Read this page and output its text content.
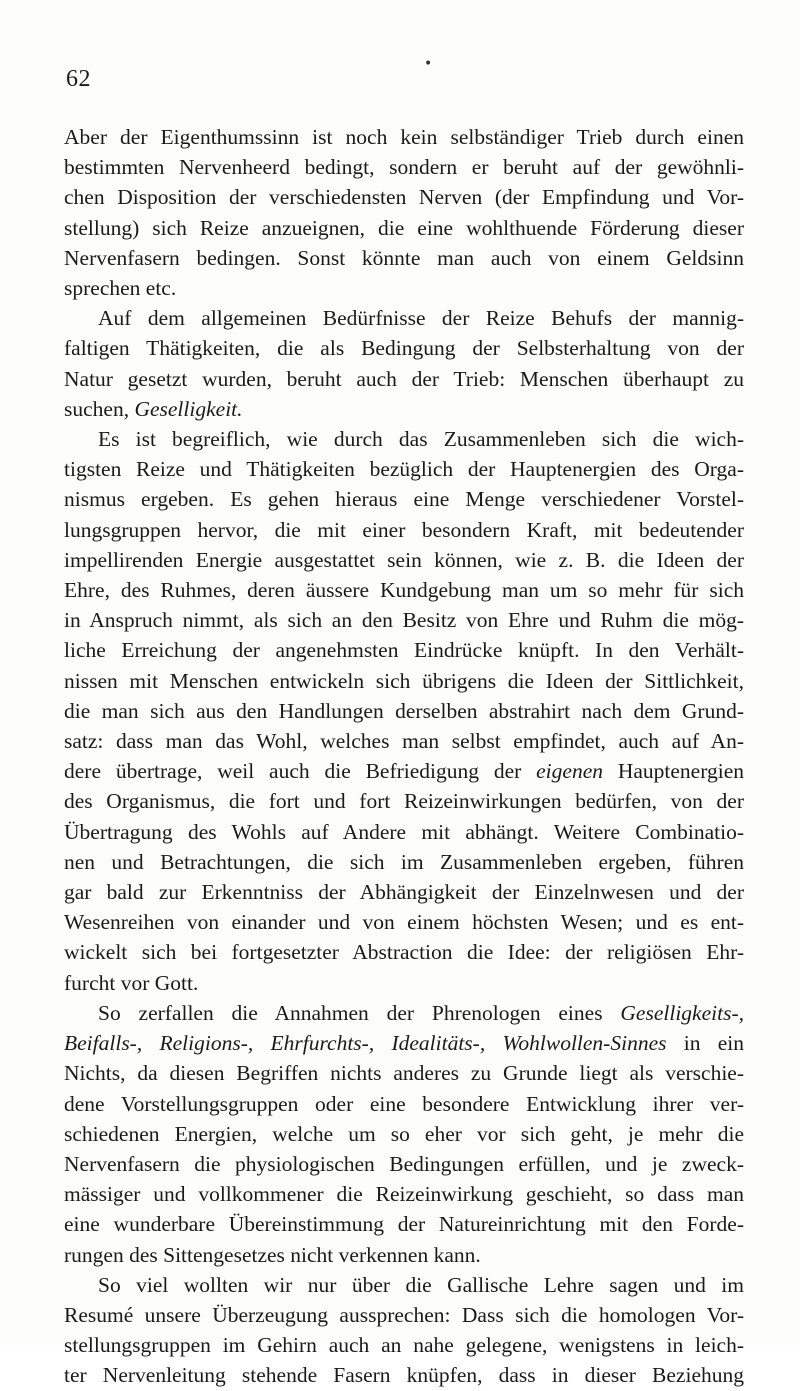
62
•
Aber der Eigenthumssinn ist noch kein selbständiger Trieb durch einen
bestimmten Nervenheerd bedingt, sondern er beruht auf der gewöhnli-
chen Disposition der verschiedensten Nerven (der Empfindung und Vor-
stellung) sich Reize anzueignen, die eine wohlthuende Förderung dieser
Nervenfasern bedingen. Sonst könnte man auch von einem Geldsinn
sprechen etc.
Auf dem allgemeinen Bedürfnisse der Reize Behufs der mannig-
faltigen Thätigkeiten, die als Bedingung der Selbsterhaltung von der
Natur gesetzt wurden, beruht auch der Trieb: Menschen überhaupt zu
suchen, Geselligkeit.
Es ist begreiflich, wie durch das Zusammenleben sich die wich-
tigsten Reize und Thätigkeiten bezüglich der Hauptenergien des Orga-
nismus ergeben. Es gehen hieraus eine Menge verschiedener Vorstel-
lungsgruppen hervor, die mit einer besondern Kraft, mit bedeutender
impellirenden Energie ausgestattet sein können, wie z. B. die Ideen der
Ehre, des Ruhmes, deren äussere Kundgebung man um so mehr für sich
in Anspruch nimmt, als sich an den Besitz von Ehre und Ruhm die mög-
liche Erreichung der angenehmsten Eindrücke knüpft. In den Verhält-
nissen mit Menschen entwickeln sich übrigens die Ideen der Sittlichkeit,
die man sich aus den Handlungen derselben abstrahirt nach dem Grund-
satz: dass man das Wohl, welches man selbst empfindet, auch auf An-
dere übertrage, weil auch die Befriedigung der eigenen Hauptenergien
des Organismus, die fort und fort Reizeinwirkungen bedürfen, von der
Übertragung des Wohls auf Andere mit abhängt. Weitere Combinatio-
nen und Betrachtungen, die sich im Zusammenleben ergeben, führen
gar bald zur Erkenntniss der Abhängigkeit der Einzelnwesen und der
Wesenreihen von einander und von einem höchsten Wesen; und es ent-
wickelt sich bei fortgesetzter Abstraction die Idee: der religiösen Ehr-
furcht vor Gott.
So zerfallen die Annahmen der Phrenologen eines Geselligkeits-,
Beifalls-, Religions-, Ehrfurchts-, Idealitäts-, Wohlwollen-Sinnes in ein
Nichts, da diesen Begriffen nichts anderes zu Grunde liegt als verschie-
dene Vorstellungsgruppen oder eine besondere Entwicklung ihrer ver-
schiedenen Energien, welche um so eher vor sich geht, je mehr die
Nervenfasern die physiologischen Bedingungen erfüllen, und je zweck-
mässiger und vollkommener die Reizeinwirkung geschieht, so dass man
eine wunderbare Übereinstimmung der Natureinrichtung mit den Forde-
rungen des Sittengesetzes nicht verkennen kann.
So viel wollten wir nur über die Gallische Lehre sagen und im
Resumé unsere Überzeugung aussprechen: Dass sich die homologen Vor-
stellungsgruppen im Gehirn auch an nahe gelegene, wenigstens in leich-
ter Nervenleitung stehende Fasern knüpfen, dass in dieser Beziehung
